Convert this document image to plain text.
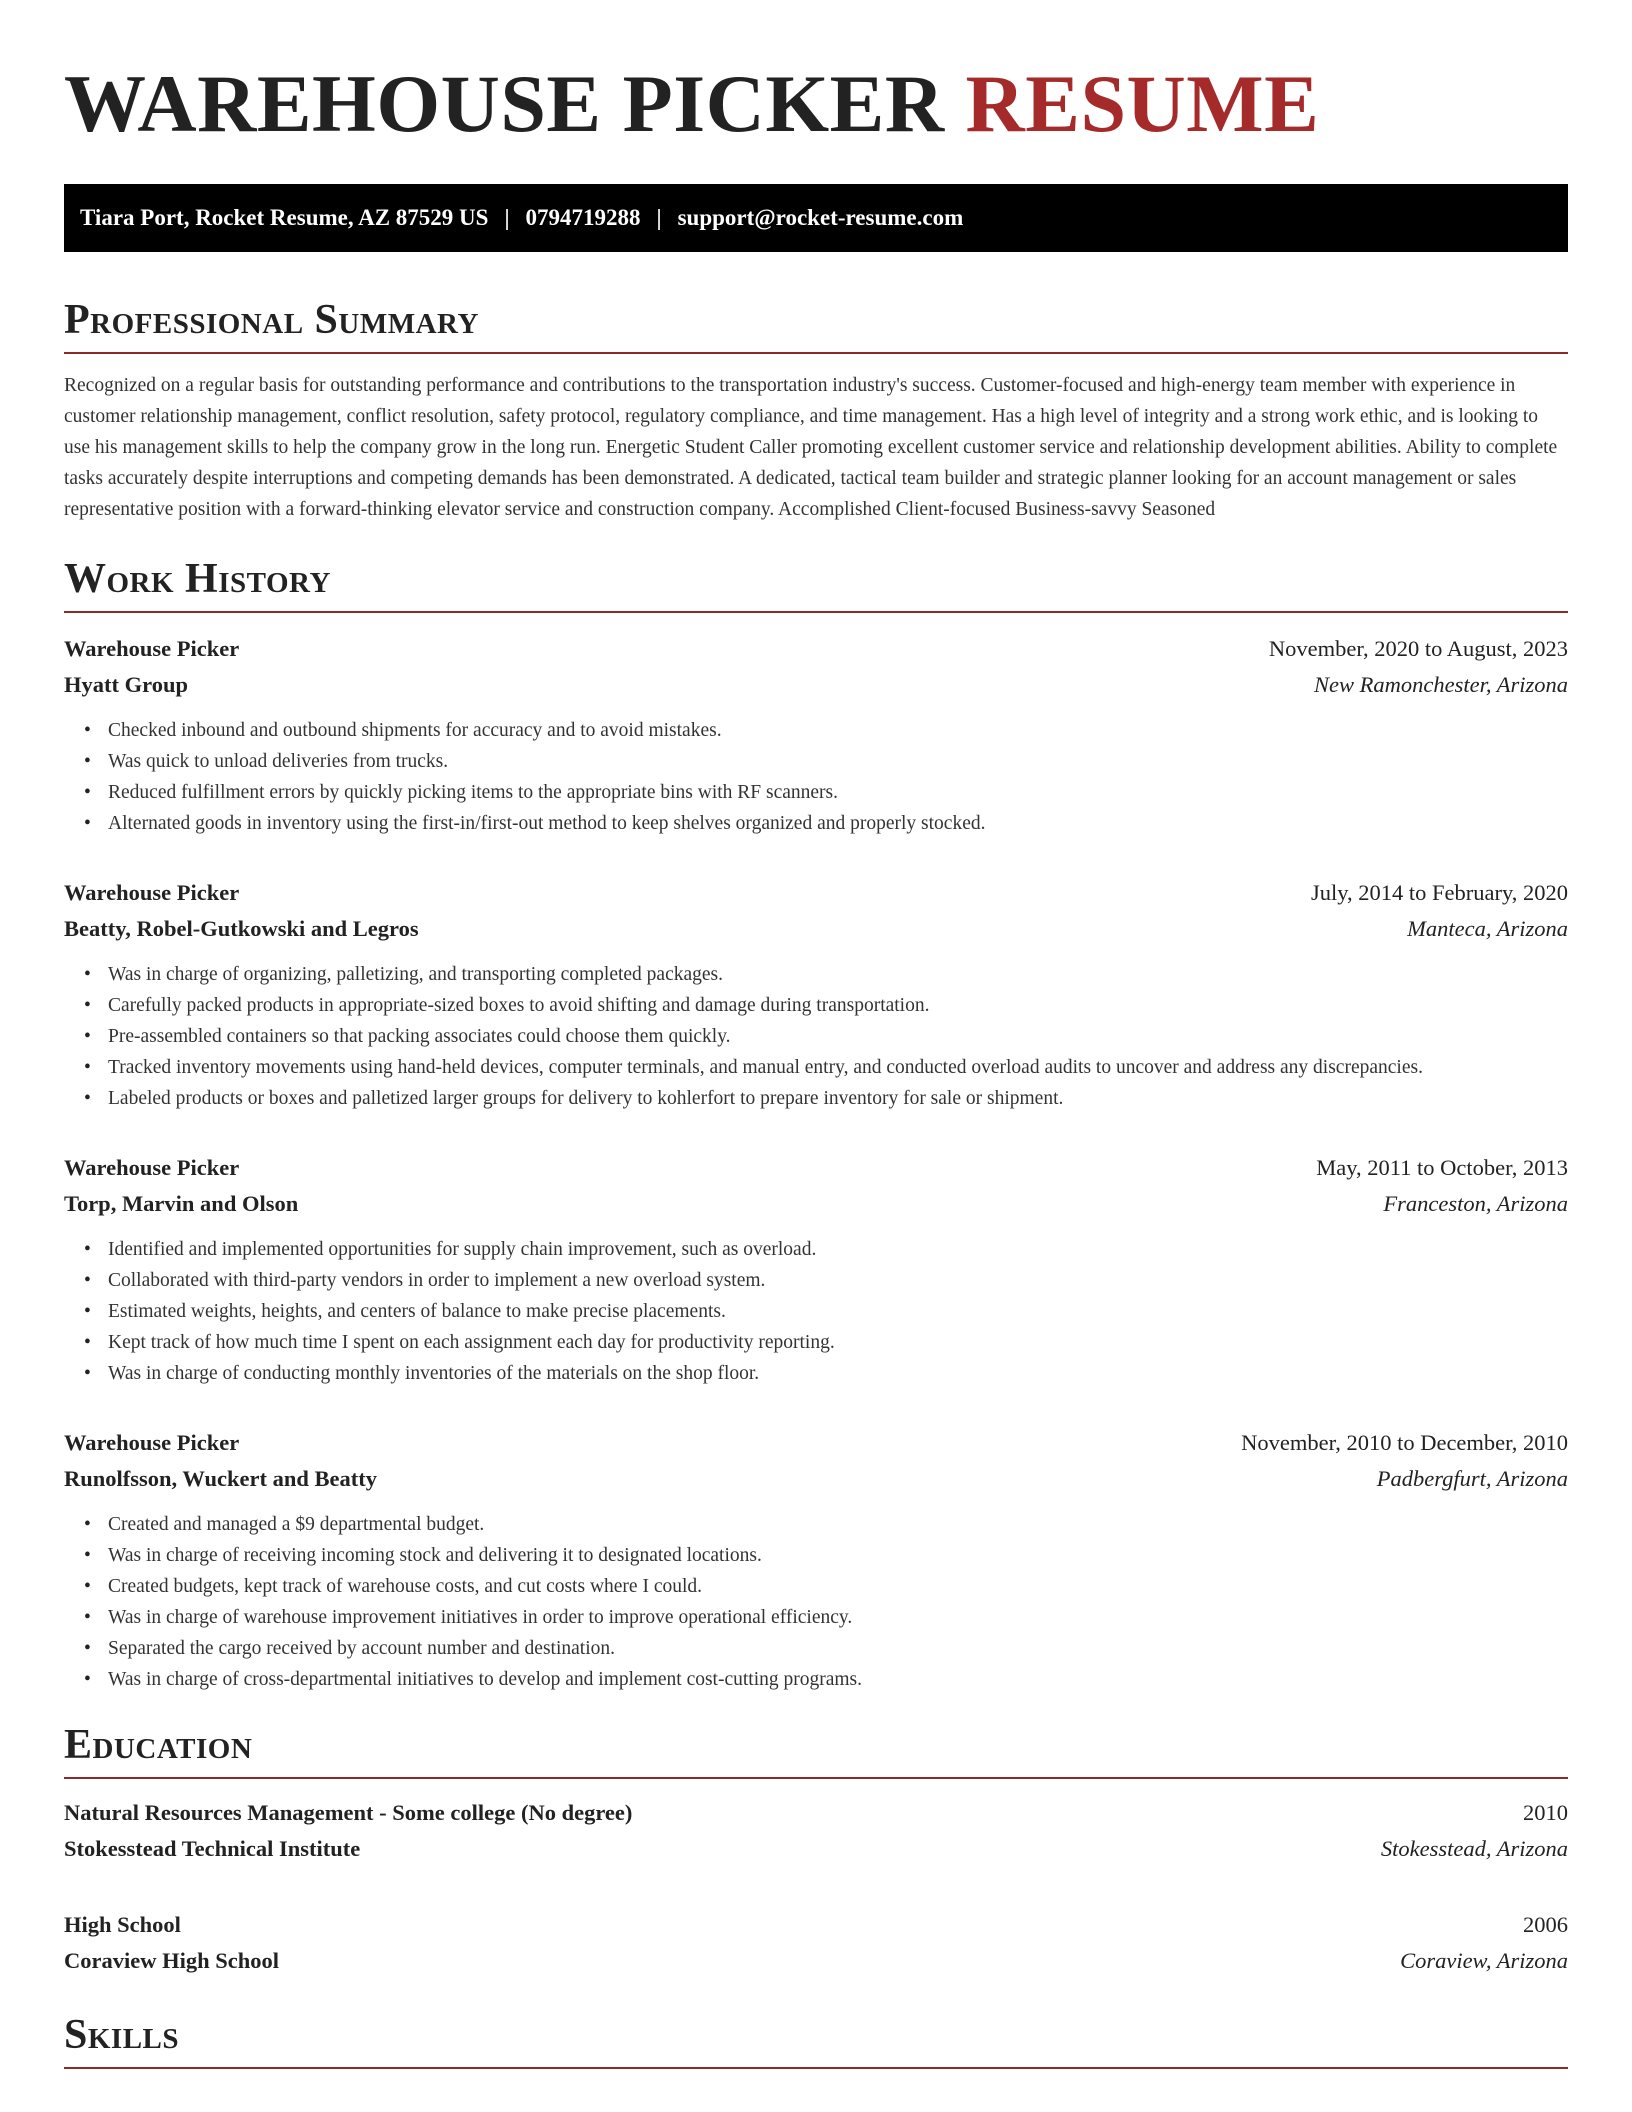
WAREHOUSE PICKER RESUME
Tiara Port, Rocket Resume, AZ 87529 US | 0794719288 | support@rocket-resume.com
Professional Summary

Recognized on a regular basis for outstanding performance and contributions to the transportation industry's success. Customer-focused and high-energy team member with experience in customer relationship management, conflict resolution, safety protocol, regulatory compliance, and time management. Has a high level of integrity and a strong work ethic, and is looking to use his management skills to help the company grow in the long run. Energetic Student Caller promoting excellent customer service and relationship development abilities. Ability to complete tasks accurately despite interruptions and competing demands has been demonstrated. A dedicated, tactical team builder and strategic planner looking for an account management or sales representative position with a forward-thinking elevator service and construction company. Accomplished Client-focused Business-savvy Seasoned

Work History
Warehouse Picker	November, 2020 to August, 2023
Hyatt Group	New Ramonchester, Arizona
• Checked inbound and outbound shipments for accuracy and to avoid mistakes.
• Was quick to unload deliveries from trucks.
• Reduced fulfillment errors by quickly picking items to the appropriate bins with RF scanners.
• Alternated goods in inventory using the first-in/first-out method to keep shelves organized and properly stocked.
Warehouse Picker	July, 2014 to February, 2020
Beatty, Robel-Gutkowski and Legros	Manteca, Arizona
• Was in charge of organizing, palletizing, and transporting completed packages.
• Carefully packed products in appropriate-sized boxes to avoid shifting and damage during transportation.
• Pre-assembled containers so that packing associates could choose them quickly.
• Tracked inventory movements using hand-held devices, computer terminals, and manual entry, and conducted overload audits to uncover and address any discrepancies.
• Labeled products or boxes and palletized larger groups for delivery to kohlerfort to prepare inventory for sale or shipment.
Warehouse Picker	May, 2011 to October, 2013
Torp, Marvin and Olson	Franceston, Arizona
• Identified and implemented opportunities for supply chain improvement, such as overload.
• Collaborated with third-party vendors in order to implement a new overload system.
• Estimated weights, heights, and centers of balance to make precise placements.
• Kept track of how much time I spent on each assignment each day for productivity reporting.
• Was in charge of conducting monthly inventories of the materials on the shop floor.
Warehouse Picker	November, 2010 to December, 2010
Runolfsson, Wuckert and Beatty	Padbergfurt, Arizona
• Created and managed a $9 departmental budget.
• Was in charge of receiving incoming stock and delivering it to designated locations.
• Created budgets, kept track of warehouse costs, and cut costs where I could.
• Was in charge of warehouse improvement initiatives in order to improve operational efficiency.
• Separated the cargo received by account number and destination.
• Was in charge of cross-departmental initiatives to develop and implement cost-cutting programs.
Education
Natural Resources Management - Some college (No degree)	2010
Stokesstead Technical Institute	Stokesstead, Arizona
High School	2006
Coraview High School	Coraview, Arizona
Skills
